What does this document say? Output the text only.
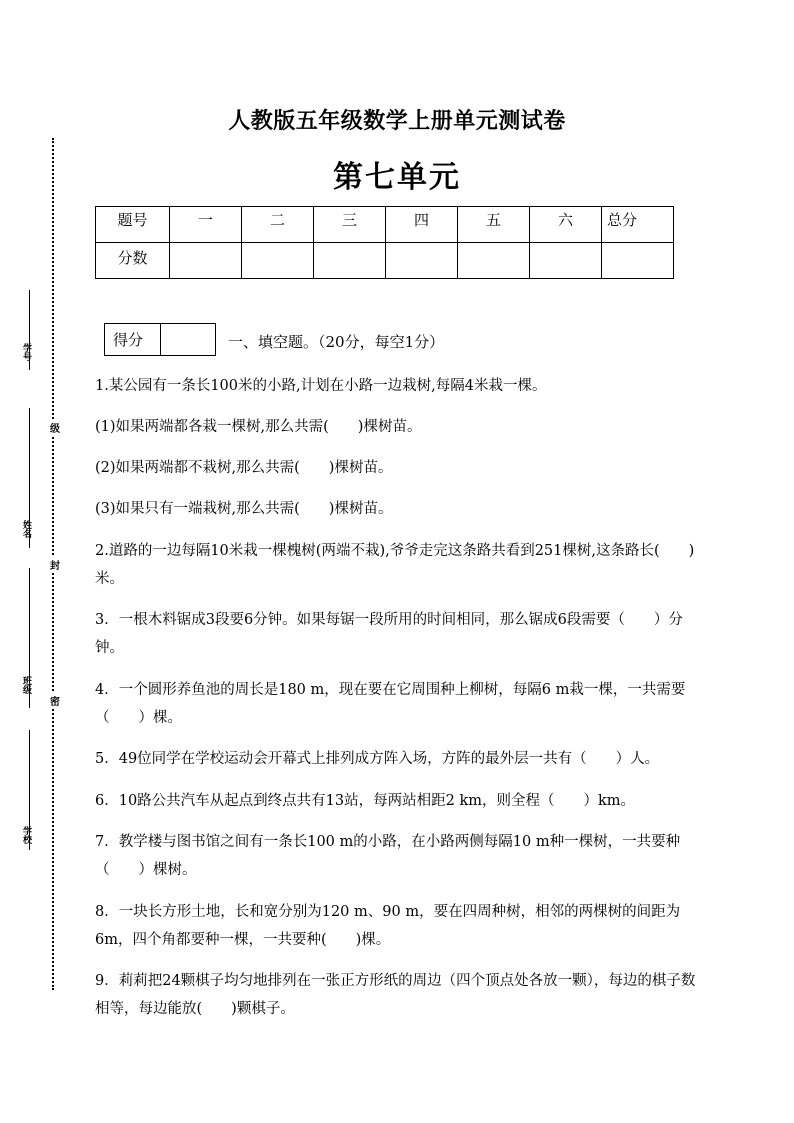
学号
姓名
班级
学校
级
封
密
人教版五年级数学上册单元测试卷
第七单元
题号	一	二	三	四	五	六	总分
分数							
得分		一、填空题。（20分，每空1分）
1.某公园有一条长100米的小路,计划在小路一边栽树,每隔4米栽一棵。
(1)如果两端都各栽一棵树,那么共需(　　)棵树苗。
(2)如果两端都不栽树,那么共需(　　)棵树苗。
(3)如果只有一端栽树,那么共需(　　)棵树苗。
2.道路的一边每隔10米栽一棵槐树(两端不栽),爷爷走完这条路共看到251棵树,这条路长(　　)米。
3．一根木料锯成3段要6分钟。如果每锯一段所用的时间相同，那么锯成6段需要（　　）分钟。
4．一个圆形养鱼池的周长是180 m，现在要在它周围种上柳树，每隔6 m栽一棵，一共需要（　　）棵。
5．49位同学在学校运动会开幕式上排列成方阵入场，方阵的最外层一共有（　　）人。
6．10路公共汽车从起点到终点共有13站，每两站相距2 km，则全程（　　）km。
7．教学楼与图书馆之间有一条长100 m的小路，在小路两侧每隔10 m种一棵树，一共要种（　　）棵树。
8．一块长方形土地，长和宽分别为120 m、90 m，要在四周种树，相邻的两棵树的间距为6m，四个角都要种一棵，一共要种(　　)棵。
9．莉莉把24颗棋子均匀地排列在一张正方形纸的周边（四个顶点处各放一颗），每边的棋子数相等，每边能放(　　)颗棋子。
